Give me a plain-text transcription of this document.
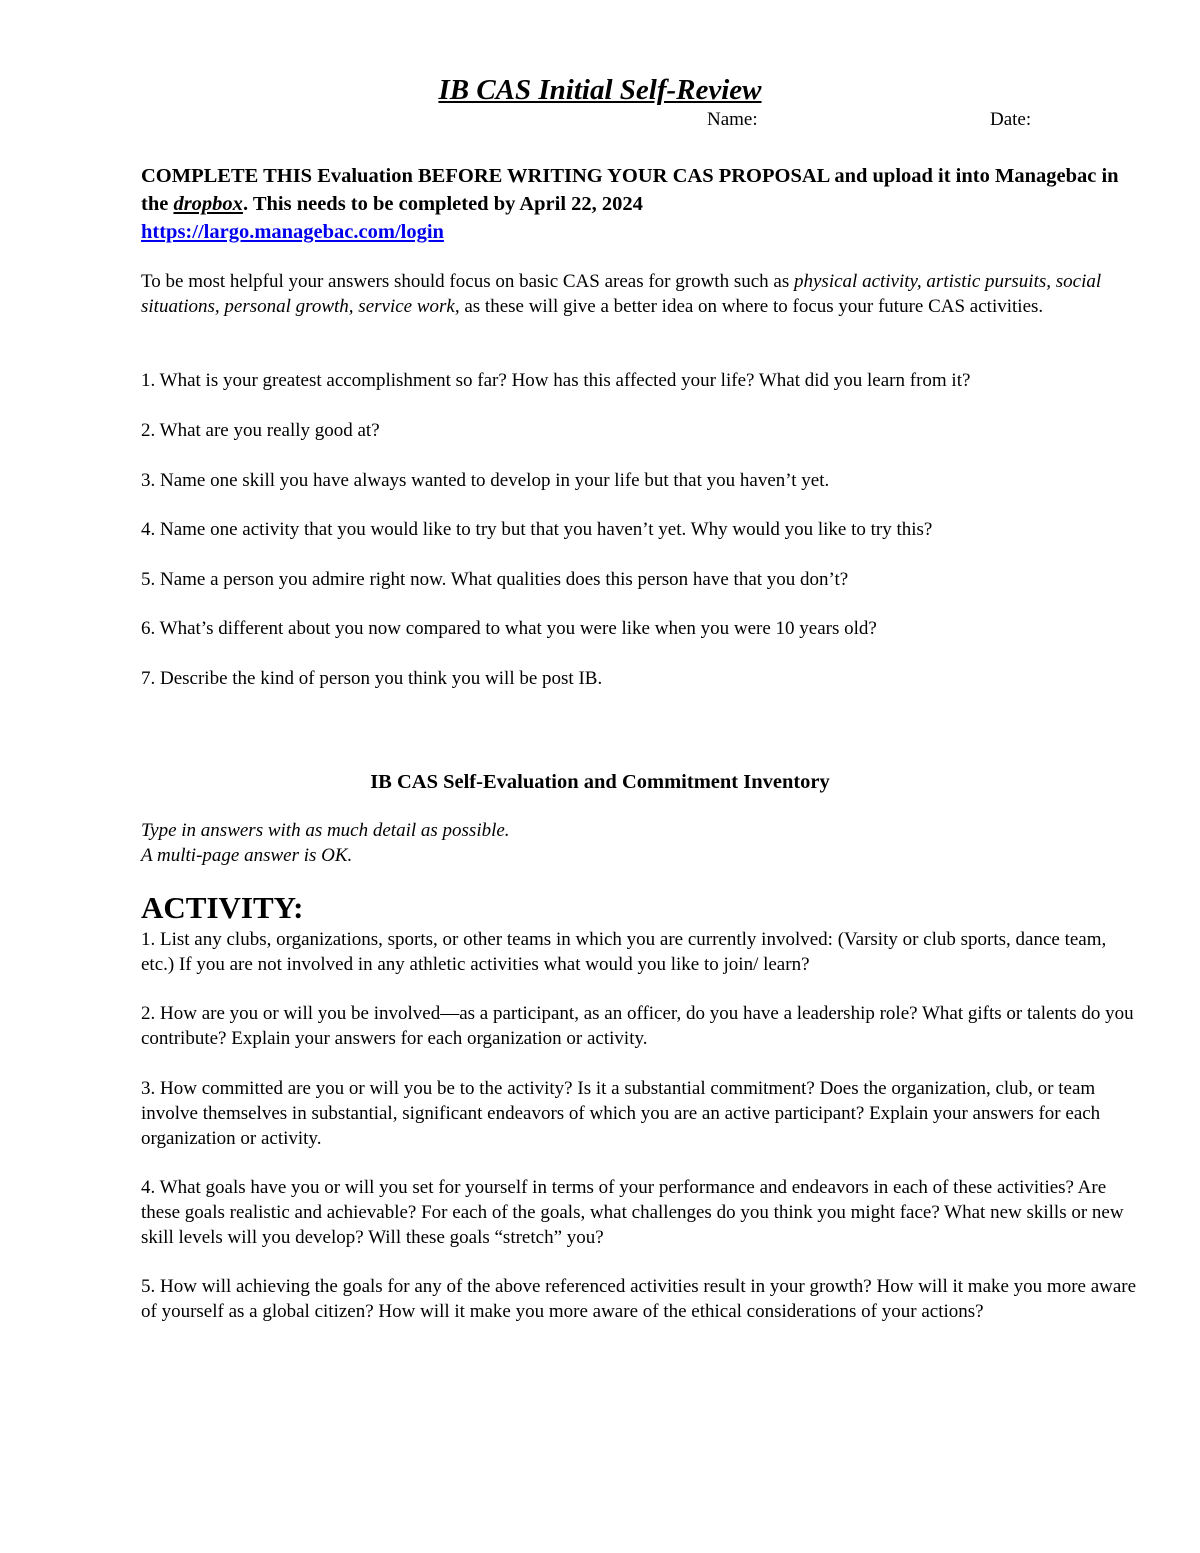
IB CAS Initial Self-Review
Name:	Date:
COMPLETE THIS Evaluation BEFORE WRITING YOUR CAS PROPOSAL and upload it into Managebac in the dropbox. This needs to be completed by April 22, 2024
https://largo.managebac.com/login
To be most helpful your answers should focus on basic CAS areas for growth such as physical activity, artistic pursuits, social situations, personal growth, service work, as these will give a better idea on where to focus your future CAS activities.
1. What is your greatest accomplishment so far? How has this affected your life? What did you learn from it?
2. What are you really good at?
3. Name one skill you have always wanted to develop in your life but that you haven’t yet.
4. Name one activity that you would like to try but that you haven’t yet. Why would you like to try this?
5. Name a person you admire right now. What qualities does this person have that you don’t?
6. What’s different about you now compared to what you were like when you were 10 years old?
7. Describe the kind of person you think you will be post IB.
IB CAS Self-Evaluation and Commitment Inventory
Type in answers with as much detail as possible.
A multi-page answer is OK.
ACTIVITY:
1. List any clubs, organizations, sports, or other teams in which you are currently involved: (Varsity or club sports, dance team, etc.) If you are not involved in any athletic activities what would you like to join/ learn?
2. How are you or will you be involved—as a participant, as an officer, do you have a leadership role? What gifts or talents do you contribute? Explain your answers for each organization or activity.
3. How committed are you or will you be to the activity? Is it a substantial commitment? Does the organization, club, or team involve themselves in substantial, significant endeavors of which you are an active participant? Explain your answers for each organization or activity.
4. What goals have you or will you set for yourself in terms of your performance and endeavors in each of these activities? Are these goals realistic and achievable? For each of the goals, what challenges do you think you might face? What new skills or new skill levels will you develop? Will these goals “stretch” you?
5. How will achieving the goals for any of the above referenced activities result in your growth? How will it make you more aware of yourself as a global citizen? How will it make you more aware of the ethical considerations of your actions?
